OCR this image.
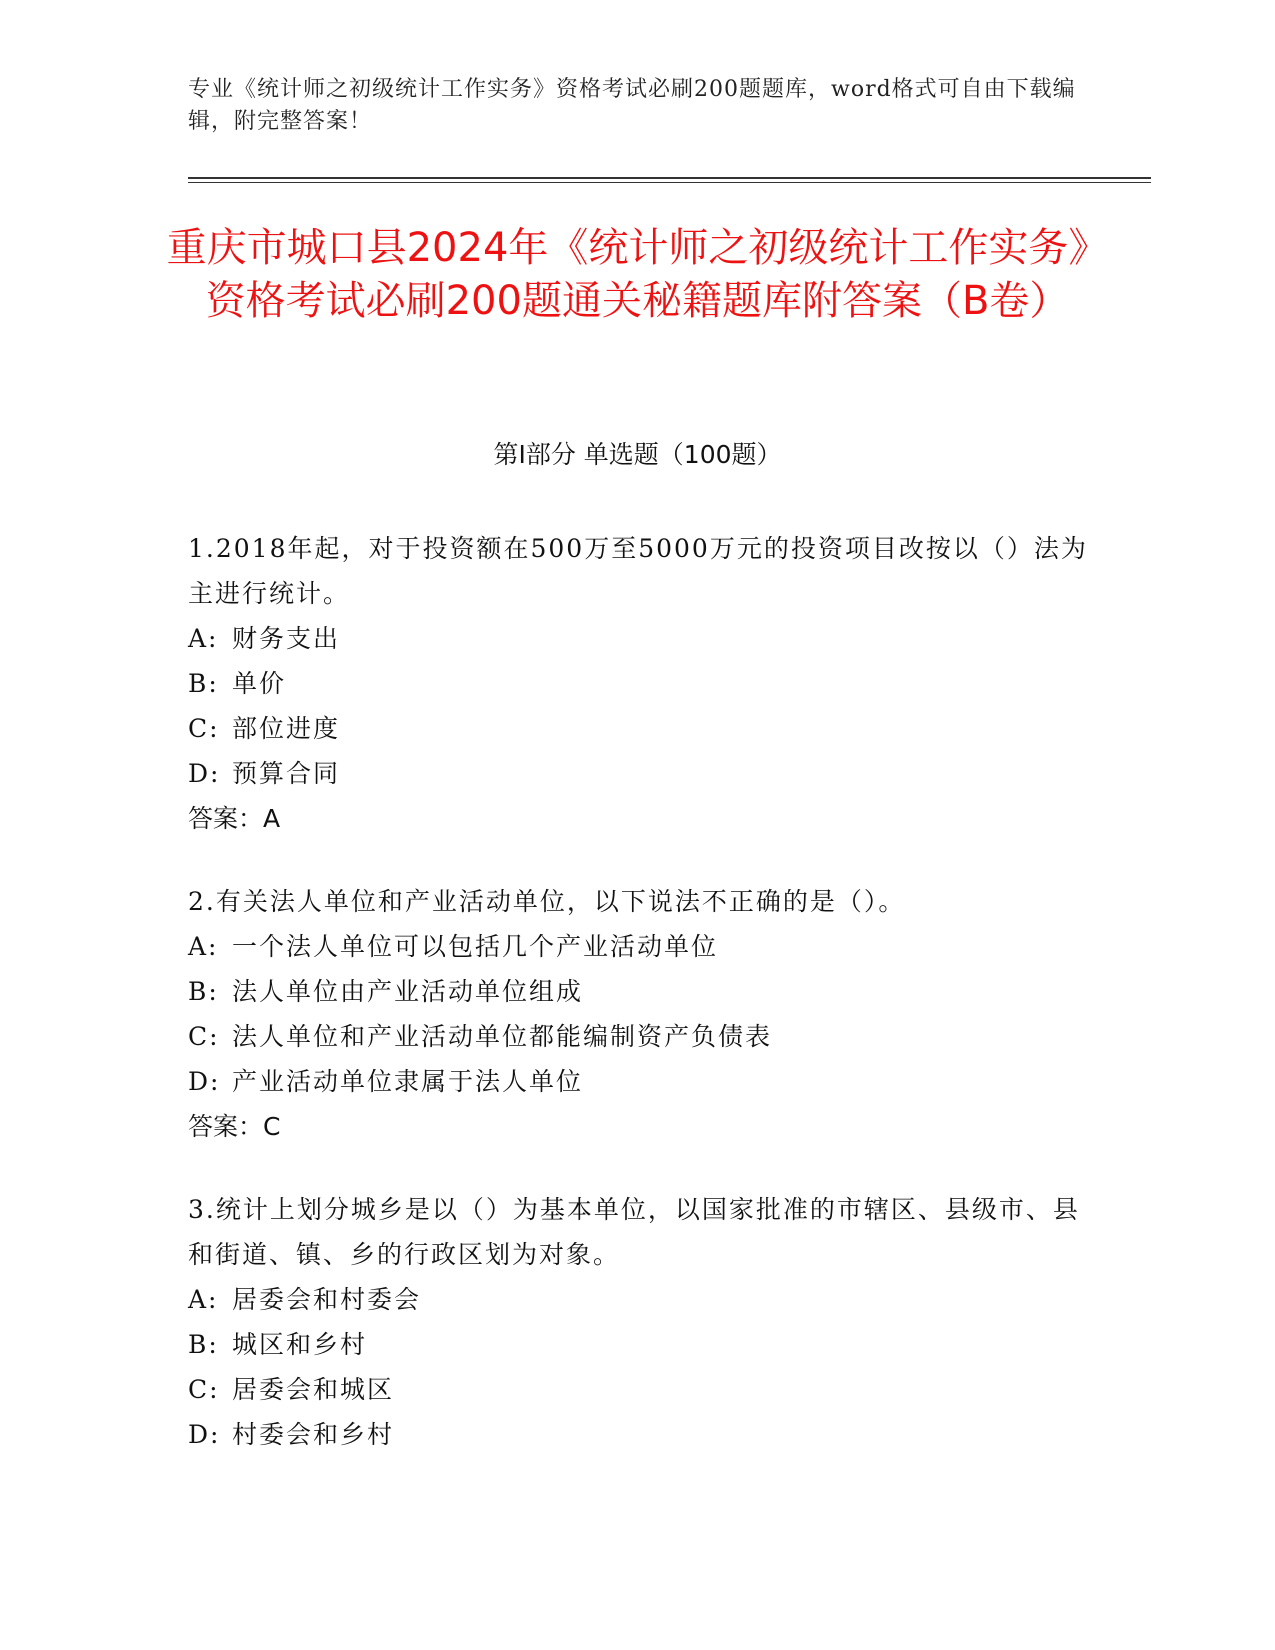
专业《统计师之初级统计工作实务》资格考试必刷200题题库，word格式可自由下载编辑，附完整答案！
重庆市城口县2024年《统计师之初级统计工作实务》资格考试必刷200题通关秘籍题库附答案（B卷）
第I部分 单选题（100题）
1.2018年起，对于投资额在500万至5000万元的投资项目改按以（）法为主进行统计。
A: 财务支出
B: 单价
C: 部位进度
D: 预算合同
答案：A
2.有关法人单位和产业活动单位，以下说法不正确的是（）。
A: 一个法人单位可以包括几个产业活动单位
B: 法人单位由产业活动单位组成
C: 法人单位和产业活动单位都能编制资产负债表
D: 产业活动单位隶属于法人单位
答案：C
3.统计上划分城乡是以（）为基本单位，以国家批准的市辖区、县级市、县和街道、镇、乡的行政区划为对象。
A: 居委会和村委会
B: 城区和乡村
C: 居委会和城区
D: 村委会和乡村
